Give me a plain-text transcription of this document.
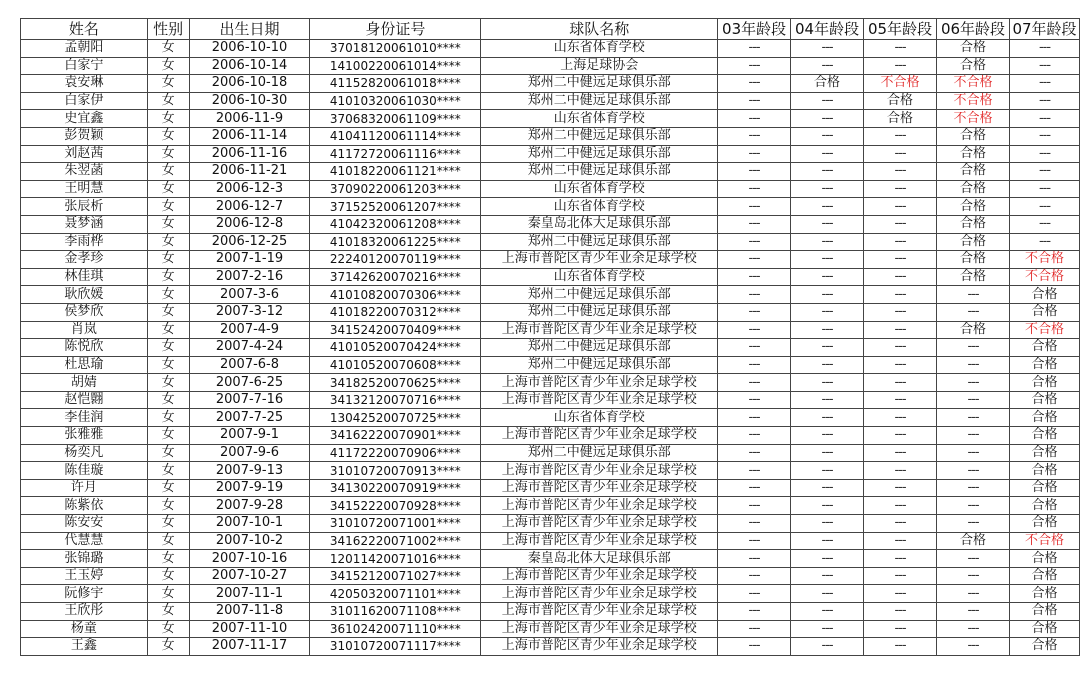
姓名	性别	出生日期	身份证号	球队名称	03年龄段	04年龄段	05年龄段	06年龄段	07年龄段
孟朝阳	女	2006-10-10	37018120061010****	山东省体育学校	---	---	---	合格	---
白家宁	女	2006-10-14	14100220061014****	上海足球协会	---	---	---	合格	---
袁安琳	女	2006-10-18	41152820061018****	郑州二中健远足球俱乐部	---	合格	不合格	不合格	---
白家伊	女	2006-10-30	41010320061030****	郑州二中健远足球俱乐部	---	---	合格	不合格	---
史宜鑫	女	2006-11-9	37068320061109****	山东省体育学校	---	---	合格	不合格	---
彭贺颖	女	2006-11-14	41041120061114****	郑州二中健远足球俱乐部	---	---	---	合格	---
刘赵茜	女	2006-11-16	41172720061116****	郑州二中健远足球俱乐部	---	---	---	合格	---
朱翌菡	女	2006-11-21	41018220061121****	郑州二中健远足球俱乐部	---	---	---	合格	---
王明慧	女	2006-12-3	37090220061203****	山东省体育学校	---	---	---	合格	---
张辰析	女	2006-12-7	37152520061207****	山东省体育学校	---	---	---	合格	---
聂梦涵	女	2006-12-8	41042320061208****	秦皇岛北体大足球俱乐部	---	---	---	合格	---
李雨桦	女	2006-12-25	41018320061225****	郑州二中健远足球俱乐部	---	---	---	合格	---
金孝珍	女	2007-1-19	22240120070119****	上海市普陀区青少年业余足球学校	---	---	---	合格	不合格
林佳琪	女	2007-2-16	37142620070216****	山东省体育学校	---	---	---	合格	不合格
耿欣媛	女	2007-3-6	41010820070306****	郑州二中健远足球俱乐部	---	---	---	---	合格
侯梦欣	女	2007-3-12	41018220070312****	郑州二中健远足球俱乐部	---	---	---	---	合格
肖岚	女	2007-4-9	34152420070409****	上海市普陀区青少年业余足球学校	---	---	---	合格	不合格
陈悦欣	女	2007-4-24	41010520070424****	郑州二中健远足球俱乐部	---	---	---	---	合格
杜思瑜	女	2007-6-8	41010520070608****	郑州二中健远足球俱乐部	---	---	---	---	合格
胡婧	女	2007-6-25	34182520070625****	上海市普陀区青少年业余足球学校	---	---	---	---	合格
赵恺翾	女	2007-7-16	34132120070716****	上海市普陀区青少年业余足球学校	---	---	---	---	合格
李佳润	女	2007-7-25	13042520070725****	山东省体育学校	---	---	---	---	合格
张雅雅	女	2007-9-1	34162220070901****	上海市普陀区青少年业余足球学校	---	---	---	---	合格
杨奕凡	女	2007-9-6	41172220070906****	郑州二中健远足球俱乐部	---	---	---	---	合格
陈佳璇	女	2007-9-13	31010720070913****	上海市普陀区青少年业余足球学校	---	---	---	---	合格
许月	女	2007-9-19	34130220070919****	上海市普陀区青少年业余足球学校	---	---	---	---	合格
陈紫依	女	2007-9-28	34152220070928****	上海市普陀区青少年业余足球学校	---	---	---	---	合格
陈安安	女	2007-10-1	31010720071001****	上海市普陀区青少年业余足球学校	---	---	---	---	合格
代慧慧	女	2007-10-2	34162220071002****	上海市普陀区青少年业余足球学校	---	---	---	合格	不合格
张锦璐	女	2007-10-16	12011420071016****	秦皇岛北体大足球俱乐部	---	---	---	---	合格
王玉婷	女	2007-10-27	34152120071027****	上海市普陀区青少年业余足球学校	---	---	---	---	合格
阮修宇	女	2007-11-1	42050320071101****	上海市普陀区青少年业余足球学校	---	---	---	---	合格
王欣彤	女	2007-11-8	31011620071108****	上海市普陀区青少年业余足球学校	---	---	---	---	合格
杨童	女	2007-11-10	36102420071110****	上海市普陀区青少年业余足球学校	---	---	---	---	合格
王鑫	女	2007-11-17	31010720071117****	上海市普陀区青少年业余足球学校	---	---	---	---	合格
